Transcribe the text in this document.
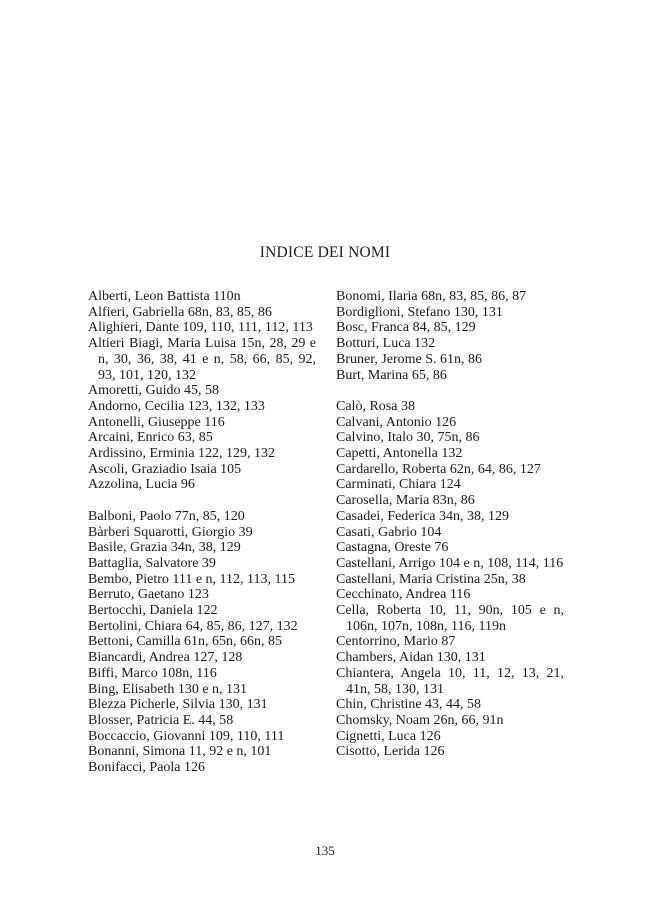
INDICE DEI NOMI

Alberti, Leon Battista 110n

Alfieri, Gabriella 68n, 83, 85, 86

Alighieri, Dante 109, 110, 111, 112, 113

Altieri Biagi, Maria Luisa 15n, 28, 29 e n, 30, 36, 38, 41 e n, 58, 66, 85, 92, 93, 101, 120, 132

Amoretti, Guido 45, 58

Andorno, Cecilia 123, 132, 133

Antonelli, Giuseppe 116

Arcaini, Enrico 63, 85

Ardissino, Erminia 122, 129, 132

Ascoli, Graziadio Isaia 105

Azzolina, Lucia 96

Balboni, Paolo 77n, 85, 120

Bàrberi Squarotti, Giorgio 39

Basile, Grazia 34n, 38, 129

Battaglia, Salvatore 39

Bembo, Pietro 111 e n, 112, 113, 115

Berruto, Gaetano 123

Bertocchi, Daniela 122

Bertolini, Chiara 64, 85, 86, 127, 132

Bettoni, Camilla 61n, 65n, 66n, 85

Biancardi, Andrea 127, 128

Biffi, Marco 108n, 116

Bing, Elisabeth 130 e n, 131

Blezza Picherle, Silvia 130, 131

Blosser, Patricia E. 44, 58

Boccaccio, Giovanni 109, 110, 111

Bonanni, Simona 11, 92 e n, 101

Bonifacci, Paola 126

Bonomi, Ilaria 68n, 83, 85, 86, 87

Bordiglioni, Stefano 130, 131

Bosc, Franca 84, 85, 129

Botturi, Luca 132

Bruner, Jerome S. 61n, 86

Burt, Marina 65, 86

Calò, Rosa 38

Calvani, Antonio 126

Calvino, Italo 30, 75n, 86

Capetti, Antonella 132

Cardarello, Roberta 62n, 64, 86, 127

Carminati, Chiara 124

Carosella, Maria 83n, 86

Casadei, Federica 34n, 38, 129

Casati, Gabrio 104

Castagna, Oreste 76

Castellani, Arrigo 104 e n, 108, 114, 116

Castellani, Maria Cristina 25n, 38

Cecchinato, Andrea 116

Cella, Roberta 10, 11, 90n, 105 e n, 106n, 107n, 108n, 116, 119n

Centorrino, Mario 87

Chambers, Aidan 130, 131

Chiantera, Angela 10, 11, 12, 13, 21, 41n, 58, 130, 131

Chin, Christine 43, 44, 58

Chomsky, Noam 26n, 66, 91n

Cignetti, Luca 126

Cisotto, Lerida 126

135
